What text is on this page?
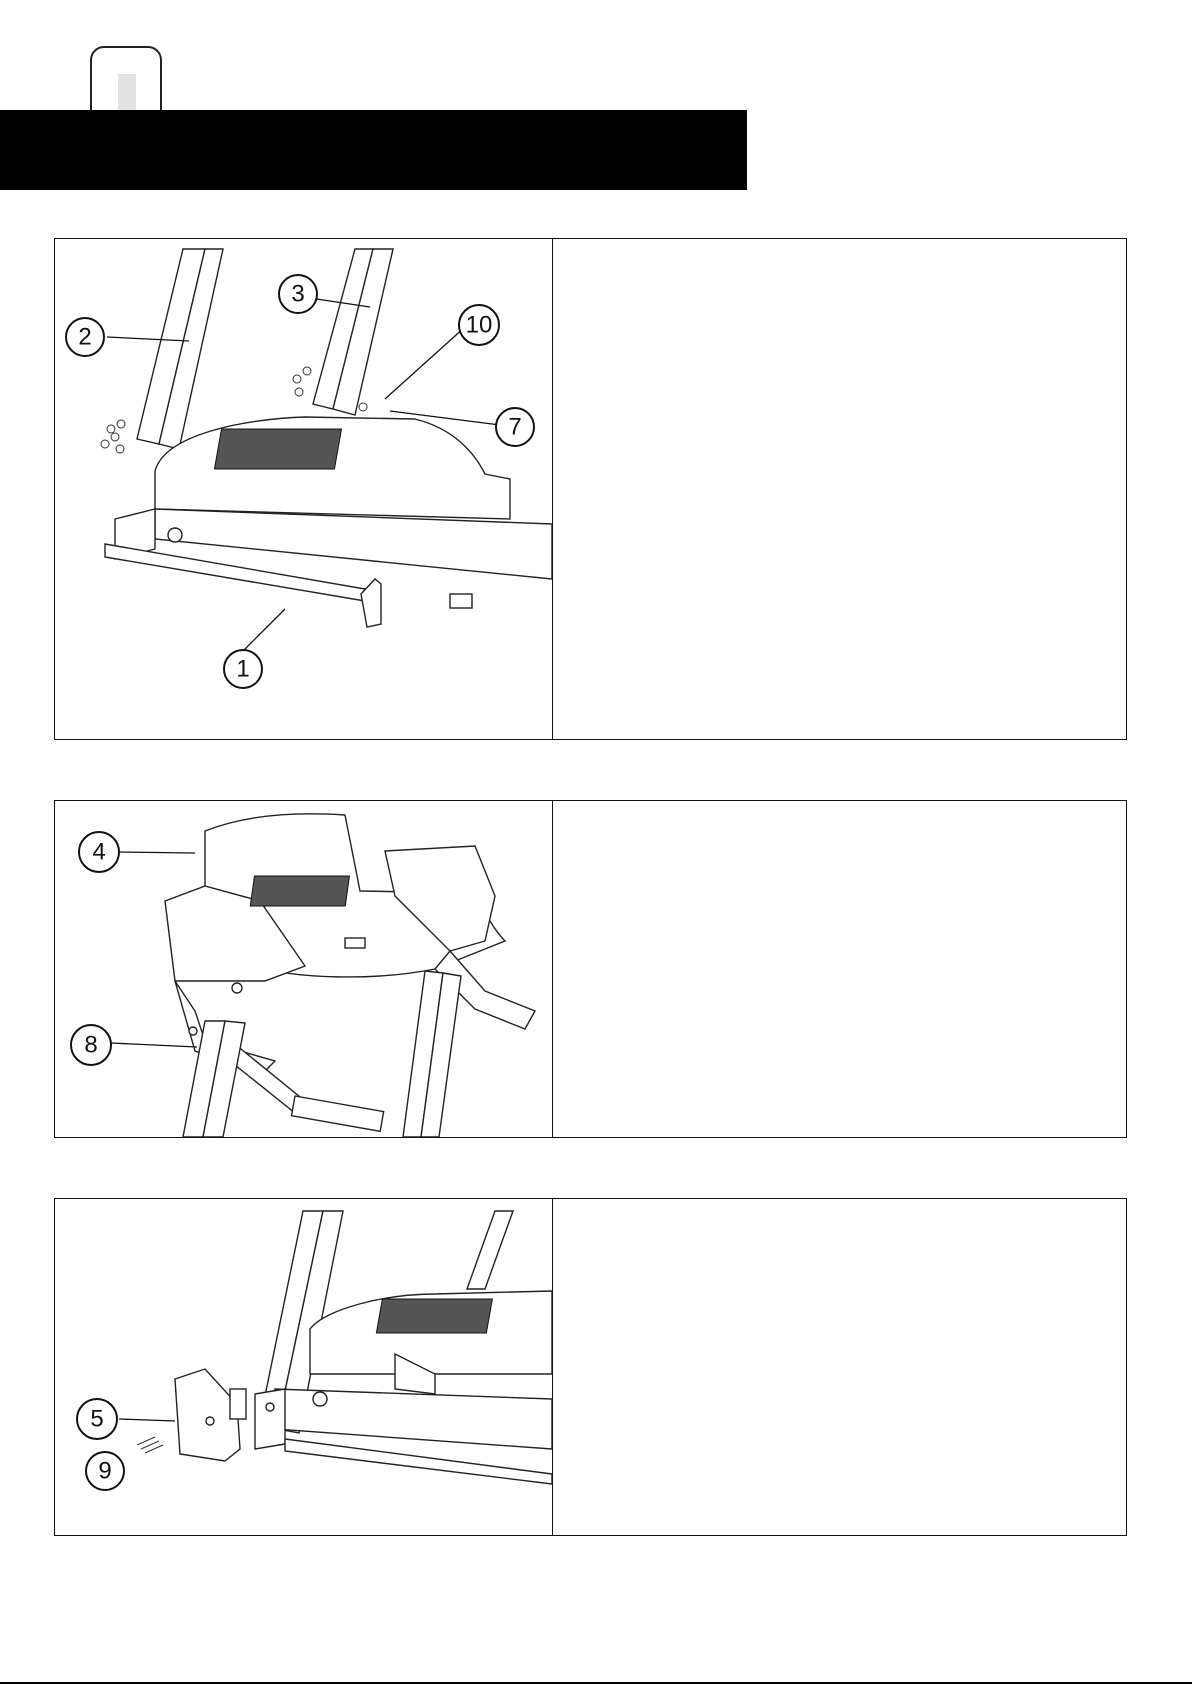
2
3
10
7
1
4
8
5
9
